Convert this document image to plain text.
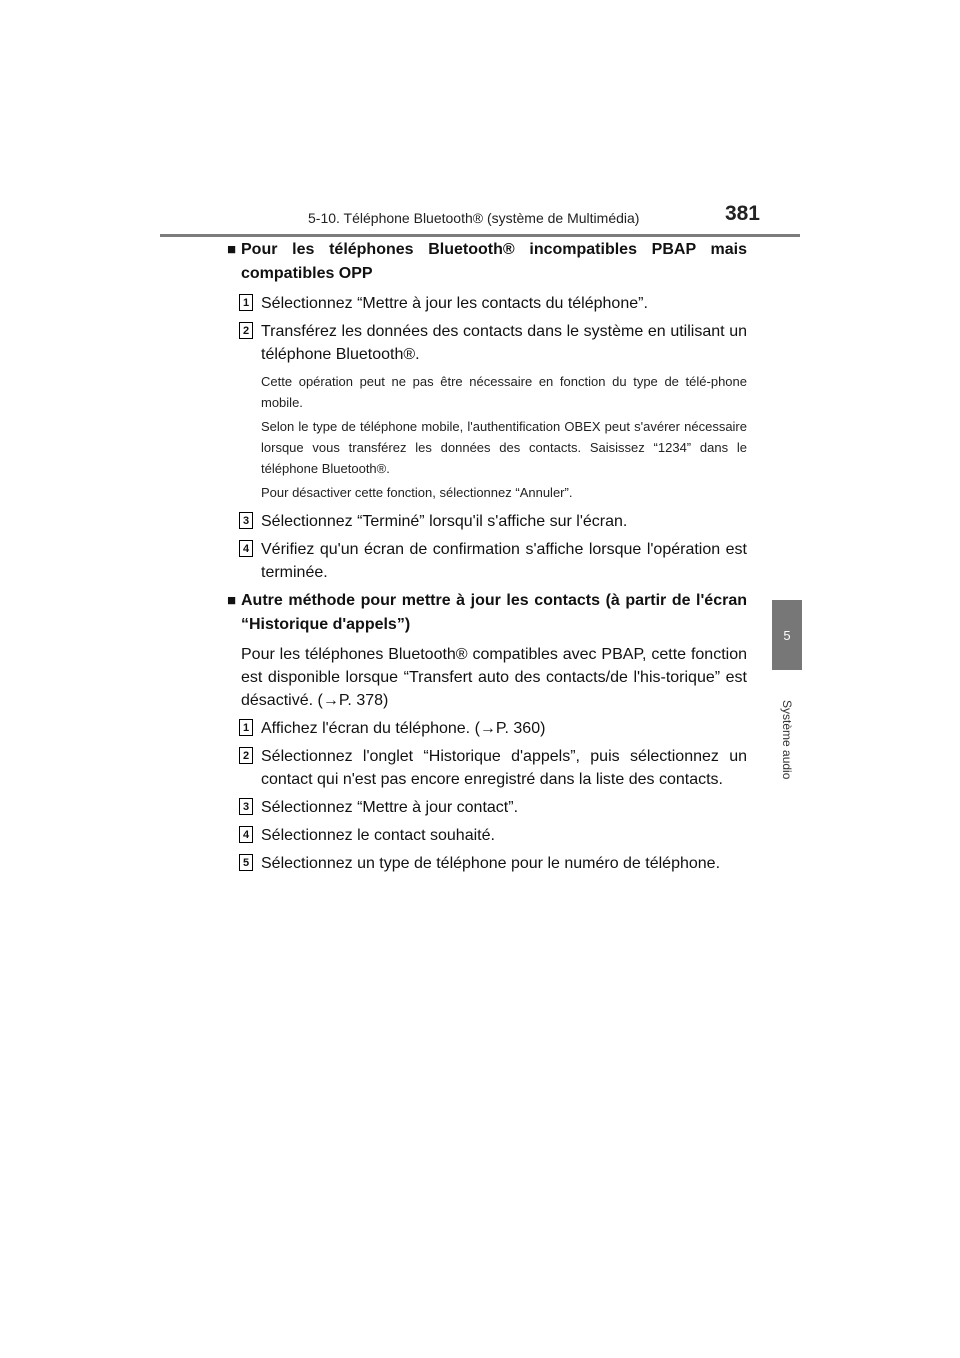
5-10. Téléphone Bluetooth® (système de Multimédia)	381
5
Système audio
■ Pour les téléphones Bluetooth® incompatibles PBAP mais compatibles OPP
1 Sélectionnez “Mettre à jour les contacts du téléphone”.
2 Transférez les données des contacts dans le système en utilisant un téléphone Bluetooth®.
Cette opération peut ne pas être nécessaire en fonction du type de télé-phone mobile.
Selon le type de téléphone mobile, l'authentification OBEX peut s'avérer nécessaire lorsque vous transférez les données des contacts. Saisissez “1234” dans le téléphone Bluetooth®.
Pour désactiver cette fonction, sélectionnez “Annuler”.
3 Sélectionnez “Terminé” lorsqu'il s'affiche sur l'écran.
4 Vérifiez qu'un écran de confirmation s'affiche lorsque l'opération est terminée.
■ Autre méthode pour mettre à jour les contacts (à partir de l'écran “Historique d'appels”)
Pour les téléphones Bluetooth® compatibles avec PBAP, cette fonction est disponible lorsque “Transfert auto des contacts/de l'his-torique” est désactivé. (→P. 378)
1 Affichez l'écran du téléphone. (→P. 360)
2 Sélectionnez l'onglet “Historique d'appels”, puis sélectionnez un contact qui n'est pas encore enregistré dans la liste des contacts.
3 Sélectionnez “Mettre à jour contact”.
4 Sélectionnez le contact souhaité.
5 Sélectionnez un type de téléphone pour le numéro de téléphone.
